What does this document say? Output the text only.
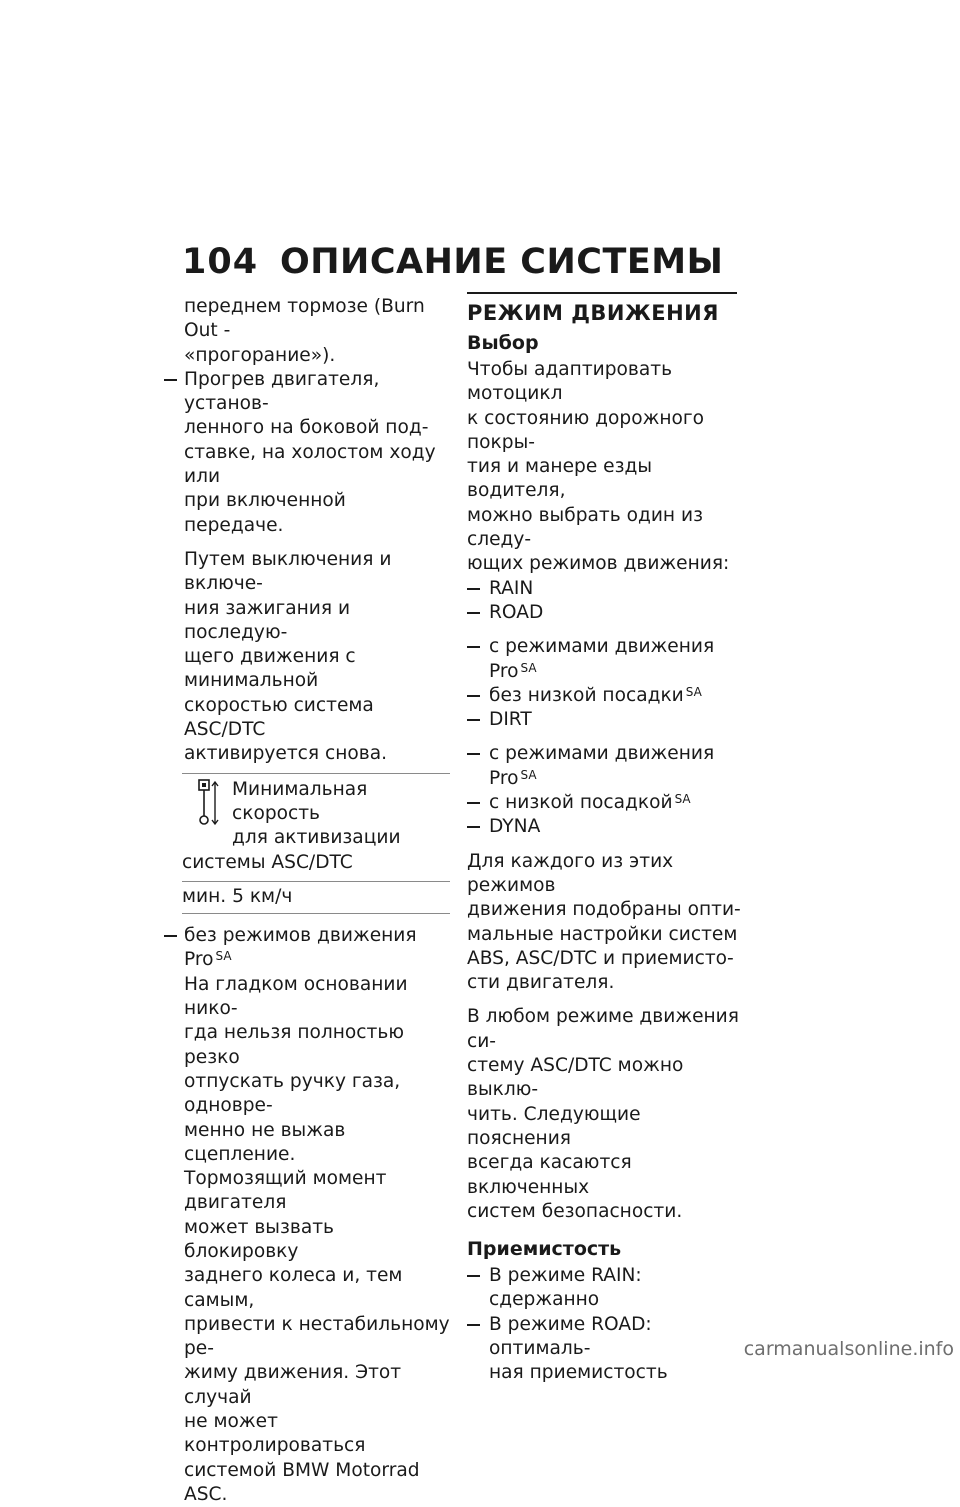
104 ОПИСАНИЕ СИСТЕМЫ

переднем тормозе (Burn Out -

«прогорание»).

Прогрев двигателя, установ-
ленного на боковой под-
ставке, на холостом ходу или
при включенной передаче.
Путем выключения и включе-
ния зажигания и последую-
щего движения с минимальной
скоростью система ASC/DTC
активируется снова.
Минимальная скорость
для активизации
системы ASC/DTC
мин. 5 км/ч
без режимов движения Pro $^{SA}$
На гладком основании нико-
гда нельзя полностью резко
отпускать ручку газа, одновре-
менно не выжав сцепление.
Тормозящий момент двигателя
может вызвать блокировку
заднего колеса и, тем самым,
привести к нестабильному ре-
жиму движения. Этот случай
не может контролироваться
системой BMW Motorrad ASC.
РЕЖИМ ДВИЖЕНИЯ
Выбор
Чтобы адаптировать мотоцикл
к состоянию дорожного покры-
тия и манере езды водителя,
можно выбрать один из следу-
ющих режимов движения:
RAIN
ROAD
с режимами движения Pro $^{SA}$
без низкой посадки $^{SA}$
DIRT
с режимами движения Pro $^{SA}$
с низкой посадкой $^{SA}$
DYNA
Для каждого из этих режимов
движения подобраны опти-
мальные настройки систем
ABS, ASC/DTC и приемисто-
сти двигателя.
В любом режиме движения си-
стему ASC/DTC можно выклю-
чить. Следующие пояснения
всегда касаются включенных
систем безопасности.
Приемистость
В режиме RAIN: сдержанно
В режиме ROAD: оптималь-
ная приемистость
carmanualsonline.info
